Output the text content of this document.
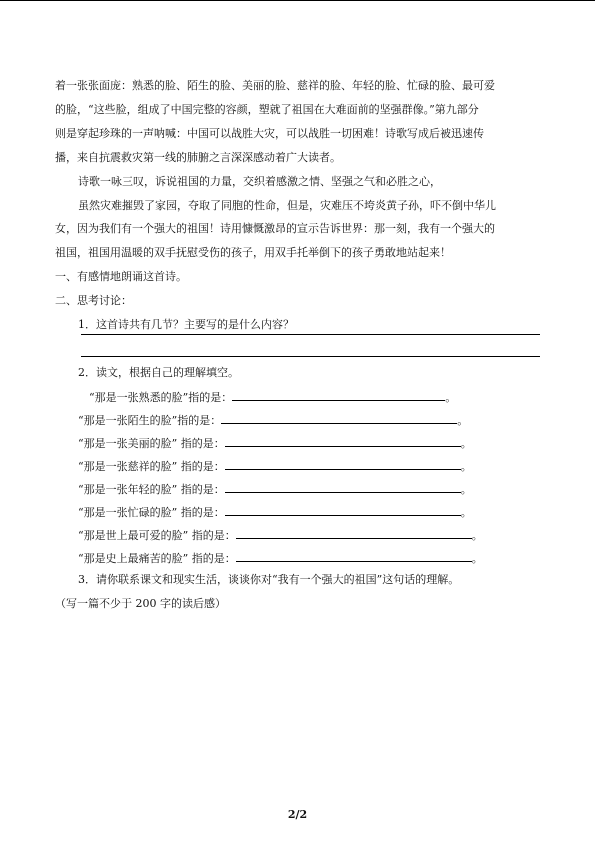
着一张张面庞：熟悉的脸、陌生的脸、美丽的脸、慈祥的脸、年轻的脸、忙碌的脸、最可爱
的脸，“这些脸，组成了中国完整的容颜，塑就了祖国在大难面前的坚强群像。”第九部分
则是穿起珍珠的一声呐喊：中国可以战胜大灾，可以战胜一切困难！诗歌写成后被迅速传
播，来自抗震救灾第一线的肺腑之言深深感动着广大读者。
诗歌一咏三叹，诉说祖国的力量，交织着感激之情、坚强之气和必胜之心，
虽然灾难摧毁了家园，夺取了同胞的性命，但是，灾难压不垮炎黄子孙，吓不倒中华儿
女，因为我们有一个强大的祖国！诗用慷慨激昂的宣示告诉世界：那一刻，我有一个强大的
祖国，祖国用温暖的双手抚慰受伤的孩子，用双手托举倒下的孩子勇敢地站起来！
一、有感情地朗诵这首诗。
二、思考讨论：
1．这首诗共有几节？主要写的是什么内容？
2．读文，根据自己的理解填空。
“那是一张熟悉的脸”指的是：	。
“那是一张陌生的脸”指的是：	。
“那是一张美丽的脸” 指的是：	。
“那是一张慈祥的脸” 指的是：	。
“那是一张年轻的脸” 指的是：	。
“那是一张忙碌的脸” 指的是：	。
“那是世上最可爱的脸” 指的是：	。
“那是史上最痛苦的脸” 指的是：	。
3．请你联系课文和现实生活，谈谈你对“我有一个强大的祖国”这句话的理解。
（写一篇不少于 200 字的读后感）
2/2
